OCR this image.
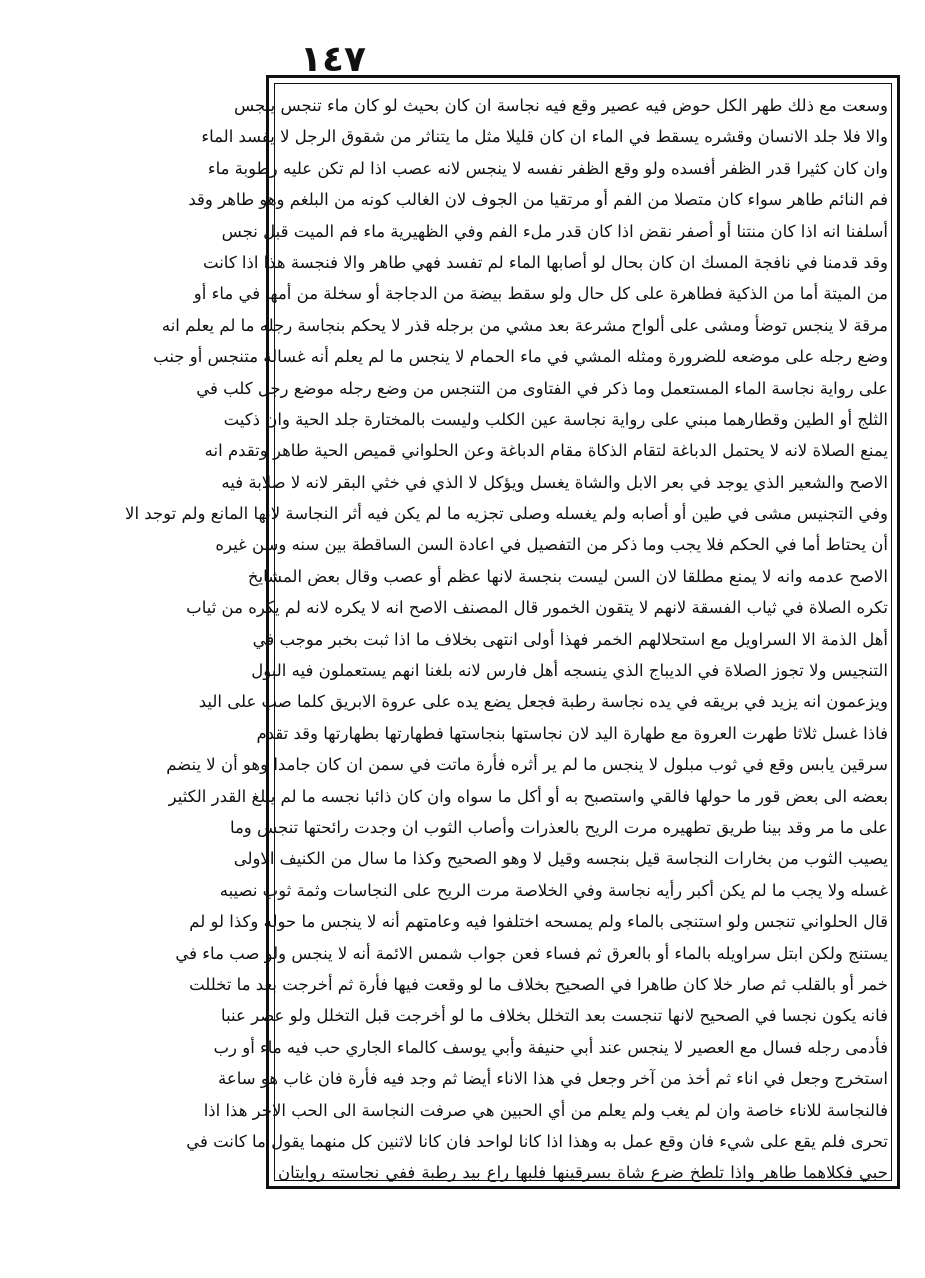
١٤٧
وسعت مع ذلك طهر الكل حوض فيه عصير وقع فيه نجاسة ان كان بحيث لو كان ماء تنجس ينجس
والا فلا جلد الانسان وقشره يسقط في الماء ان كان قليلا مثل ما يتناثر من شقوق الرجل لا يفسد الماء
وان كان كثيرا قدر الظفر أفسده ولو وقع الظفر نفسه لا ينجس لانه عصب اذا لم تكن عليه رطوبة ماء
فم النائم طاهر سواء كان متصلا من الفم أو مرتقيا من الجوف لان الغالب كونه من البلغم وهو طاهر وقد
أسلفنا انه اذا كان منتنا أو أصفر نقض اذا كان قدر ملء الفم وفي الظهيرية ماء فم الميت قبل نجس
وقد قدمنا في نافجة المسك ان كان بحال لو أصابها الماء لم تفسد فهي طاهر والا فنجسة هذا اذا كانت
من الميتة أما من الذكية فطاهرة على كل حال ولو سقط بيضة من الدجاجة أو سخلة من أمها في ماء أو
مرقة لا ينجس توضأ ومشى على ألواح مشرعة بعد مشي من برجله قذر لا يحكم بنجاسة رجله ما لم يعلم انه
وضع رجله على موضعه للضرورة ومثله المشي في ماء الحمام لا ينجس ما لم يعلم أنه غسالة متنجس أو جنب
على رواية نجاسة الماء المستعمل وما ذكر في الفتاوى من التنجس من وضع رجله موضع رجل كلب في
الثلج أو الطين وقطارهما مبني على رواية نجاسة عين الكلب وليست بالمختارة جلد الحية وان ذكيت
يمنع الصلاة لانه لا يحتمل الدباغة لتقام الذكاة مقام الدباغة وعن الحلواني قميص الحية طاهر وتقدم انه
الاصح والشعير الذي يوجد في بعر الابل والشاة يغسل ويؤكل لا الذي في خثي البقر لانه لا صلابة فيه
وفي التجنيس مشى في طين أو أصابه ولم يغسله وصلى تجزيه ما لم يكن فيه أثر النجاسة لانها المانع ولم توجد الا
أن يحتاط أما في الحكم فلا يجب وما ذكر من التفصيل في اعادة السن الساقطة بين سنه وسن غيره
الاصح عدمه وانه لا يمنع مطلقا لان السن ليست بنجسة لانها عظم أو عصب وقال بعض المشايخ
تكره الصلاة في ثياب الفسقة لانهم لا يتقون الخمور قال المصنف الاصح انه لا يكره لانه لم يكره من ثياب
أهل الذمة الا السراويل مع استحلالهم الخمر فهذا أولى انتهى بخلاف ما اذا ثبت بخبر موجب في
التنجيس ولا تجوز الصلاة في الديباج الذي ينسجه أهل فارس لانه بلغنا انهم يستعملون فيه البول
ويزعمون انه يزيد في بريقه في يده نجاسة رطبة فجعل يضع يده على عروة الابريق كلما صب على اليد
فاذا غسل ثلاثا طهرت العروة مع طهارة اليد لان نجاستها بنجاستها فطهارتها بطهارتها وقد تقدم
سرقين يابس وقع في ثوب مبلول لا ينجس ما لم ير أثره فأرة ماتت في سمن ان كان جامدا وهو أن لا ينضم
بعضه الى بعض قور ما حولها فالقي واستصبح به أو أكل ما سواه وان كان ذائبا نجسه ما لم يبلغ القدر الكثير
على ما مر وقد بينا طريق تطهيره مرت الريح بالعذرات وأصاب الثوب ان وجدت رائحتها تنجس وما
يصيب الثوب من بخارات النجاسة قيل بنجسه وقيل لا وهو الصحيح وكذا ما سال من الكنيف الاولى
غسله ولا يجب ما لم يكن أكبر رأيه نجاسة وفي الخلاصة مرت الريح على النجاسات وثمة ثوب نصيبه
قال الحلواني تنجس ولو استنجى بالماء ولم يمسحه اختلفوا فيه وعامتهم أنه لا ينجس ما حوله وكذا لو لم
يستنج ولكن ابتل سراويله بالماء أو بالعرق ثم فساء فعن جواب شمس الائمة أنه لا ينجس ولو صب ماء في
خمر أو بالقلب ثم صار خلا كان طاهرا في الصحيح بخلاف ما لو وقعت فيها فأرة ثم أخرجت بعد ما تخللت
فانه يكون نجسا في الصحيح لانها تنجست بعد التخلل بخلاف ما لو أخرجت قبل التخلل ولو عصر عنبا
فأدمى رجله فسال مع العصير لا ينجس عند أبي حنيفة وأبي يوسف كالماء الجاري حب فيه ماء أو رب
استخرج وجعل في اناء ثم أخذ من آخر وجعل في هذا الاناء أيضا ثم وجد فيه فأرة فان غاب هو ساعة
فالنجاسة للاناء خاصة وان لم يغب ولم يعلم من أي الحبين هي صرفت النجاسة الى الحب الاخر هذا اذا
تحرى فلم يقع على شيء فان وقع عمل به وهذا اذا كانا لواحد فان كانا لاثنين كل منهما يقول ما كانت في
حبي فكلاهما طاهر واذا تلطخ ضرع شاة بسرقينها فلبها راع بيد رطبة ففي نجاسته روايتان
